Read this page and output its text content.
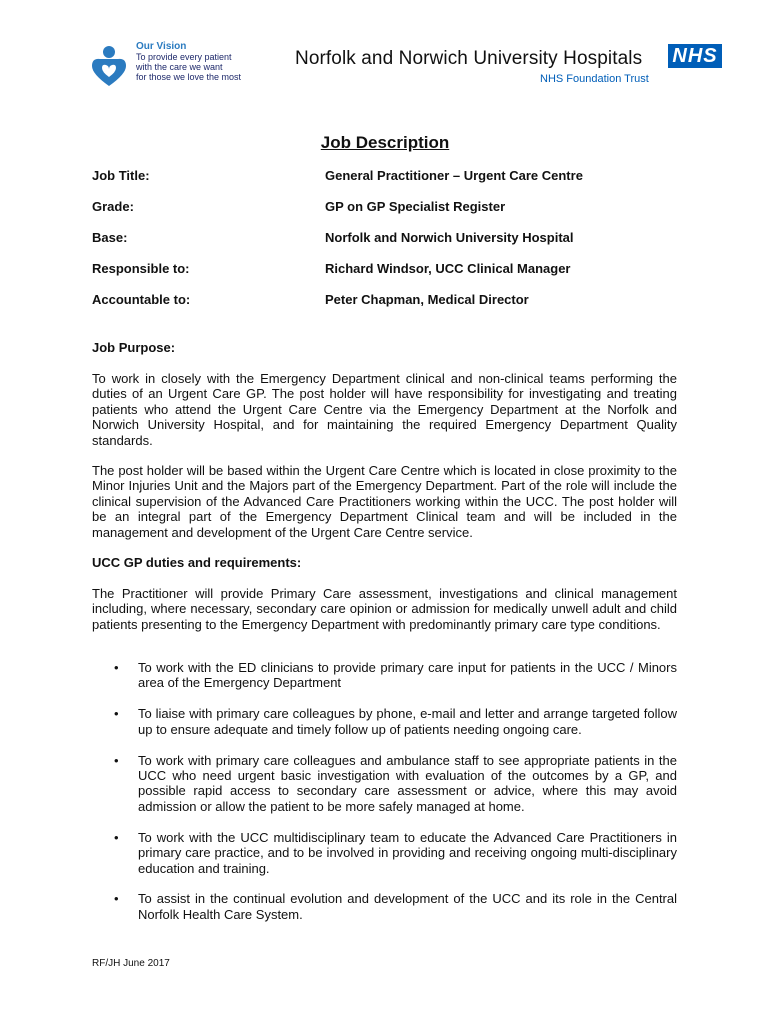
Our Vision
To provide every patient
with the care we want
for those we love the most
Norfolk and Norwich University Hospitals NHS
NHS Foundation Trust
Job Description
Job Title:	General Practitioner – Urgent Care Centre
Grade:	GP on GP Specialist Register
Base:	Norfolk and Norwich University Hospital
Responsible to:	Richard Windsor, UCC Clinical Manager
Accountable to:	Peter Chapman, Medical Director
Job Purpose:
To work in closely with the Emergency Department clinical and non-clinical teams performing the duties of an Urgent Care GP. The post holder will have responsibility for investigating and treating patients who attend the Urgent Care Centre via the Emergency Department at the Norfolk and Norwich University Hospital, and for maintaining the required Emergency Department Quality standards.
The post holder will be based within the Urgent Care Centre which is located in close proximity to the Minor Injuries Unit and the Majors part of the Emergency Department. Part of the role will include the clinical supervision of the Advanced Care Practitioners working within the UCC. The post holder will be an integral part of the Emergency Department Clinical team and will be included in the management and development of the Urgent Care Centre service.
UCC GP duties and requirements:
The Practitioner will provide Primary Care assessment, investigations and clinical management including, where necessary, secondary care opinion or admission for medically unwell adult and child patients presenting to the Emergency Department with predominantly primary care type conditions.
• To work with the ED clinicians to provide primary care input for patients in the UCC / Minors area of the Emergency Department
• To liaise with primary care colleagues by phone, e-mail and letter and arrange targeted follow up to ensure adequate and timely follow up of patients needing ongoing care.
• To work with primary care colleagues and ambulance staff to see appropriate patients in the UCC who need urgent basic investigation with evaluation of the outcomes by a GP, and possible rapid access to secondary care assessment or advice, where this may avoid admission or allow the patient to be more safely managed at home.
• To work with the UCC multidisciplinary team to educate the Advanced Care Practitioners in primary care practice, and to be involved in providing and receiving ongoing multi-disciplinary education and training.
• To assist in the continual evolution and development of the UCC and its role in the Central Norfolk Health Care System.
RF/JH June 2017
